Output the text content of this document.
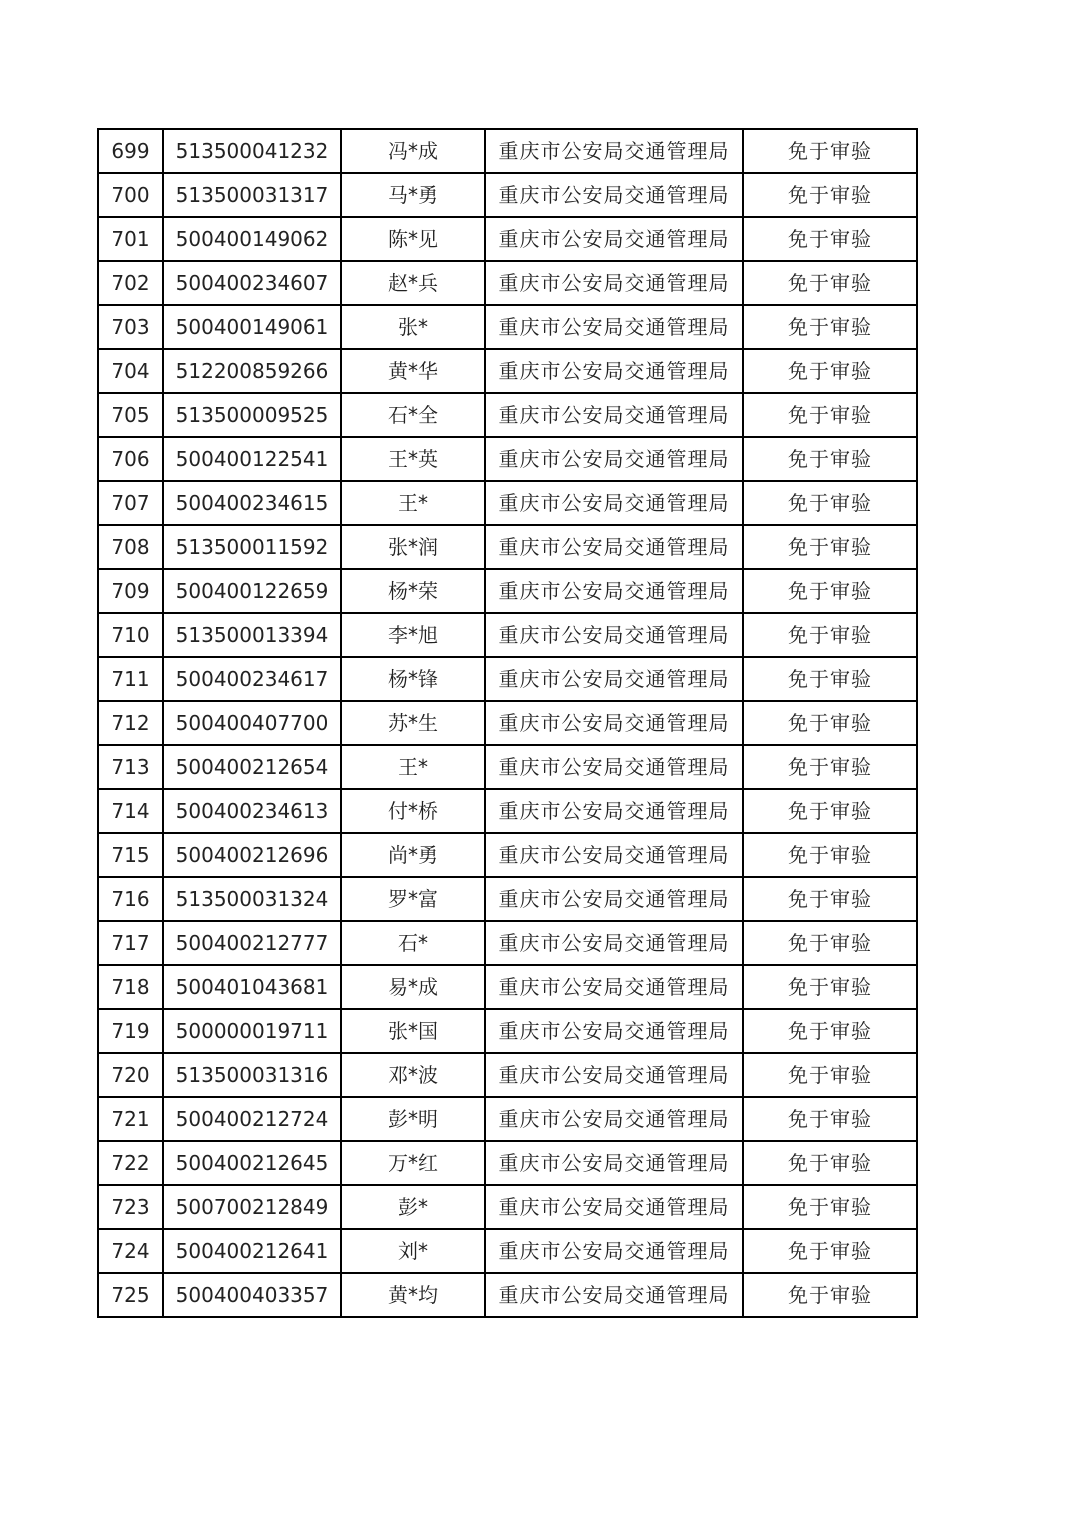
699	513500041232	冯*成	重庆市公安局交通管理局	免于审验
700	513500031317	马*勇	重庆市公安局交通管理局	免于审验
701	500400149062	陈*见	重庆市公安局交通管理局	免于审验
702	500400234607	赵*兵	重庆市公安局交通管理局	免于审验
703	500400149061	张*	重庆市公安局交通管理局	免于审验
704	512200859266	黄*华	重庆市公安局交通管理局	免于审验
705	513500009525	石*全	重庆市公安局交通管理局	免于审验
706	500400122541	王*英	重庆市公安局交通管理局	免于审验
707	500400234615	王*	重庆市公安局交通管理局	免于审验
708	513500011592	张*润	重庆市公安局交通管理局	免于审验
709	500400122659	杨*荣	重庆市公安局交通管理局	免于审验
710	513500013394	李*旭	重庆市公安局交通管理局	免于审验
711	500400234617	杨*锋	重庆市公安局交通管理局	免于审验
712	500400407700	苏*生	重庆市公安局交通管理局	免于审验
713	500400212654	王*	重庆市公安局交通管理局	免于审验
714	500400234613	付*桥	重庆市公安局交通管理局	免于审验
715	500400212696	尚*勇	重庆市公安局交通管理局	免于审验
716	513500031324	罗*富	重庆市公安局交通管理局	免于审验
717	500400212777	石*	重庆市公安局交通管理局	免于审验
718	500401043681	易*成	重庆市公安局交通管理局	免于审验
719	500000019711	张*国	重庆市公安局交通管理局	免于审验
720	513500031316	邓*波	重庆市公安局交通管理局	免于审验
721	500400212724	彭*明	重庆市公安局交通管理局	免于审验
722	500400212645	万*红	重庆市公安局交通管理局	免于审验
723	500700212849	彭*	重庆市公安局交通管理局	免于审验
724	500400212641	刘*	重庆市公安局交通管理局	免于审验
725	500400403357	黄*均	重庆市公安局交通管理局	免于审验
